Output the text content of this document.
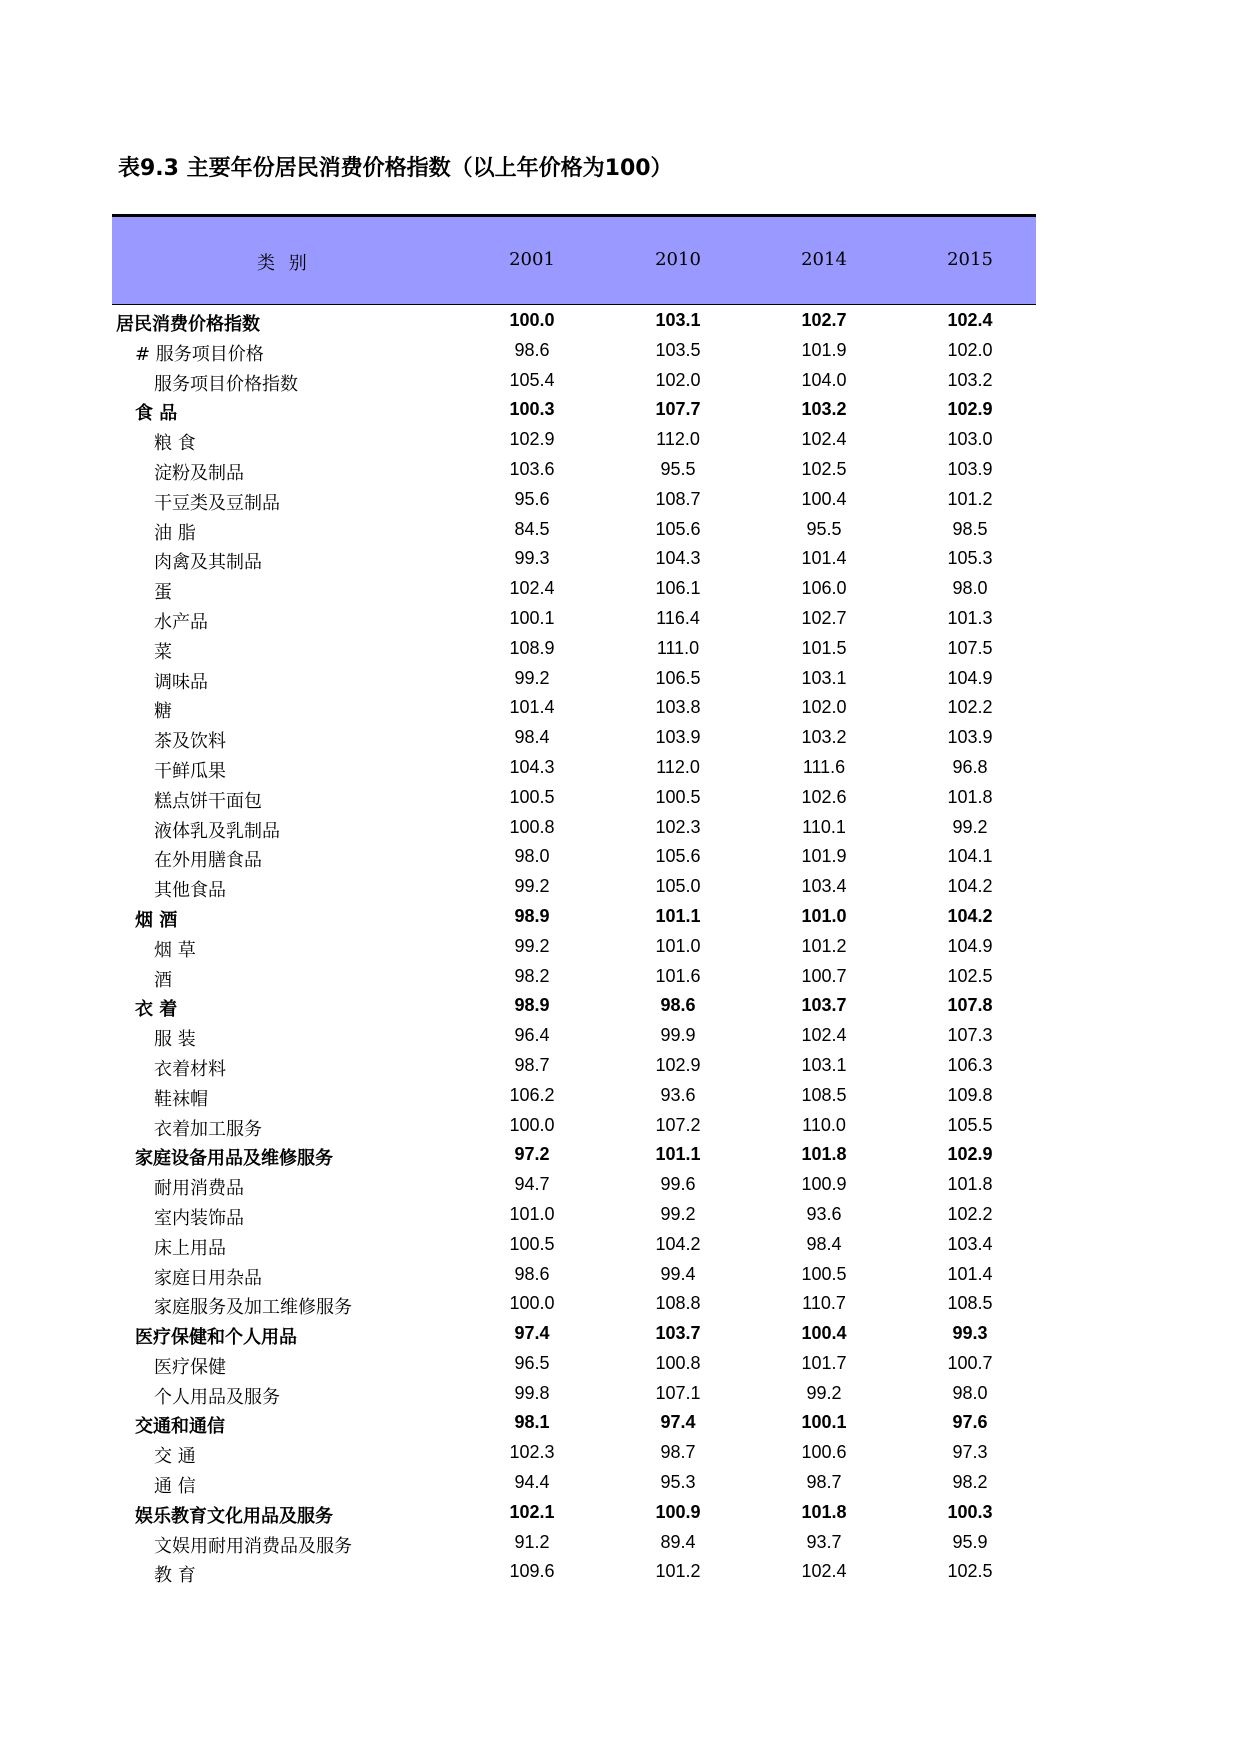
表9.3 主要年份居民消费价格指数（以上年价格为100）
类 别	2001	2010	2014	2015
居民消费价格指数	100.0	103.1	102.7	102.4
# 服务项目价格	98.6	103.5	101.9	102.0
服务项目价格指数	105.4	102.0	104.0	103.2
食 品	100.3	107.7	103.2	102.9
粮 食	102.9	112.0	102.4	103.0
淀粉及制品	103.6	95.5	102.5	103.9
干豆类及豆制品	95.6	108.7	100.4	101.2
油 脂	84.5	105.6	95.5	98.5
肉禽及其制品	99.3	104.3	101.4	105.3
蛋	102.4	106.1	106.0	98.0
水产品	100.1	116.4	102.7	101.3
菜	108.9	111.0	101.5	107.5
调味品	99.2	106.5	103.1	104.9
糖	101.4	103.8	102.0	102.2
茶及饮料	98.4	103.9	103.2	103.9
干鲜瓜果	104.3	112.0	111.6	96.8
糕点饼干面包	100.5	100.5	102.6	101.8
液体乳及乳制品	100.8	102.3	110.1	99.2
在外用膳食品	98.0	105.6	101.9	104.1
其他食品	99.2	105.0	103.4	104.2
烟 酒	98.9	101.1	101.0	104.2
烟 草	99.2	101.0	101.2	104.9
酒	98.2	101.6	100.7	102.5
衣 着	98.9	98.6	103.7	107.8
服 装	96.4	99.9	102.4	107.3
衣着材料	98.7	102.9	103.1	106.3
鞋袜帽	106.2	93.6	108.5	109.8
衣着加工服务	100.0	107.2	110.0	105.5
家庭设备用品及维修服务	97.2	101.1	101.8	102.9
耐用消费品	94.7	99.6	100.9	101.8
室内装饰品	101.0	99.2	93.6	102.2
床上用品	100.5	104.2	98.4	103.4
家庭日用杂品	98.6	99.4	100.5	101.4
家庭服务及加工维修服务	100.0	108.8	110.7	108.5
医疗保健和个人用品	97.4	103.7	100.4	99.3
医疗保健	96.5	100.8	101.7	100.7
个人用品及服务	99.8	107.1	99.2	98.0
交通和通信	98.1	97.4	100.1	97.6
交 通	102.3	98.7	100.6	97.3
通 信	94.4	95.3	98.7	98.2
娱乐教育文化用品及服务	102.1	100.9	101.8	100.3
文娱用耐用消费品及服务	91.2	89.4	93.7	95.9
教 育	109.6	101.2	102.4	102.5
